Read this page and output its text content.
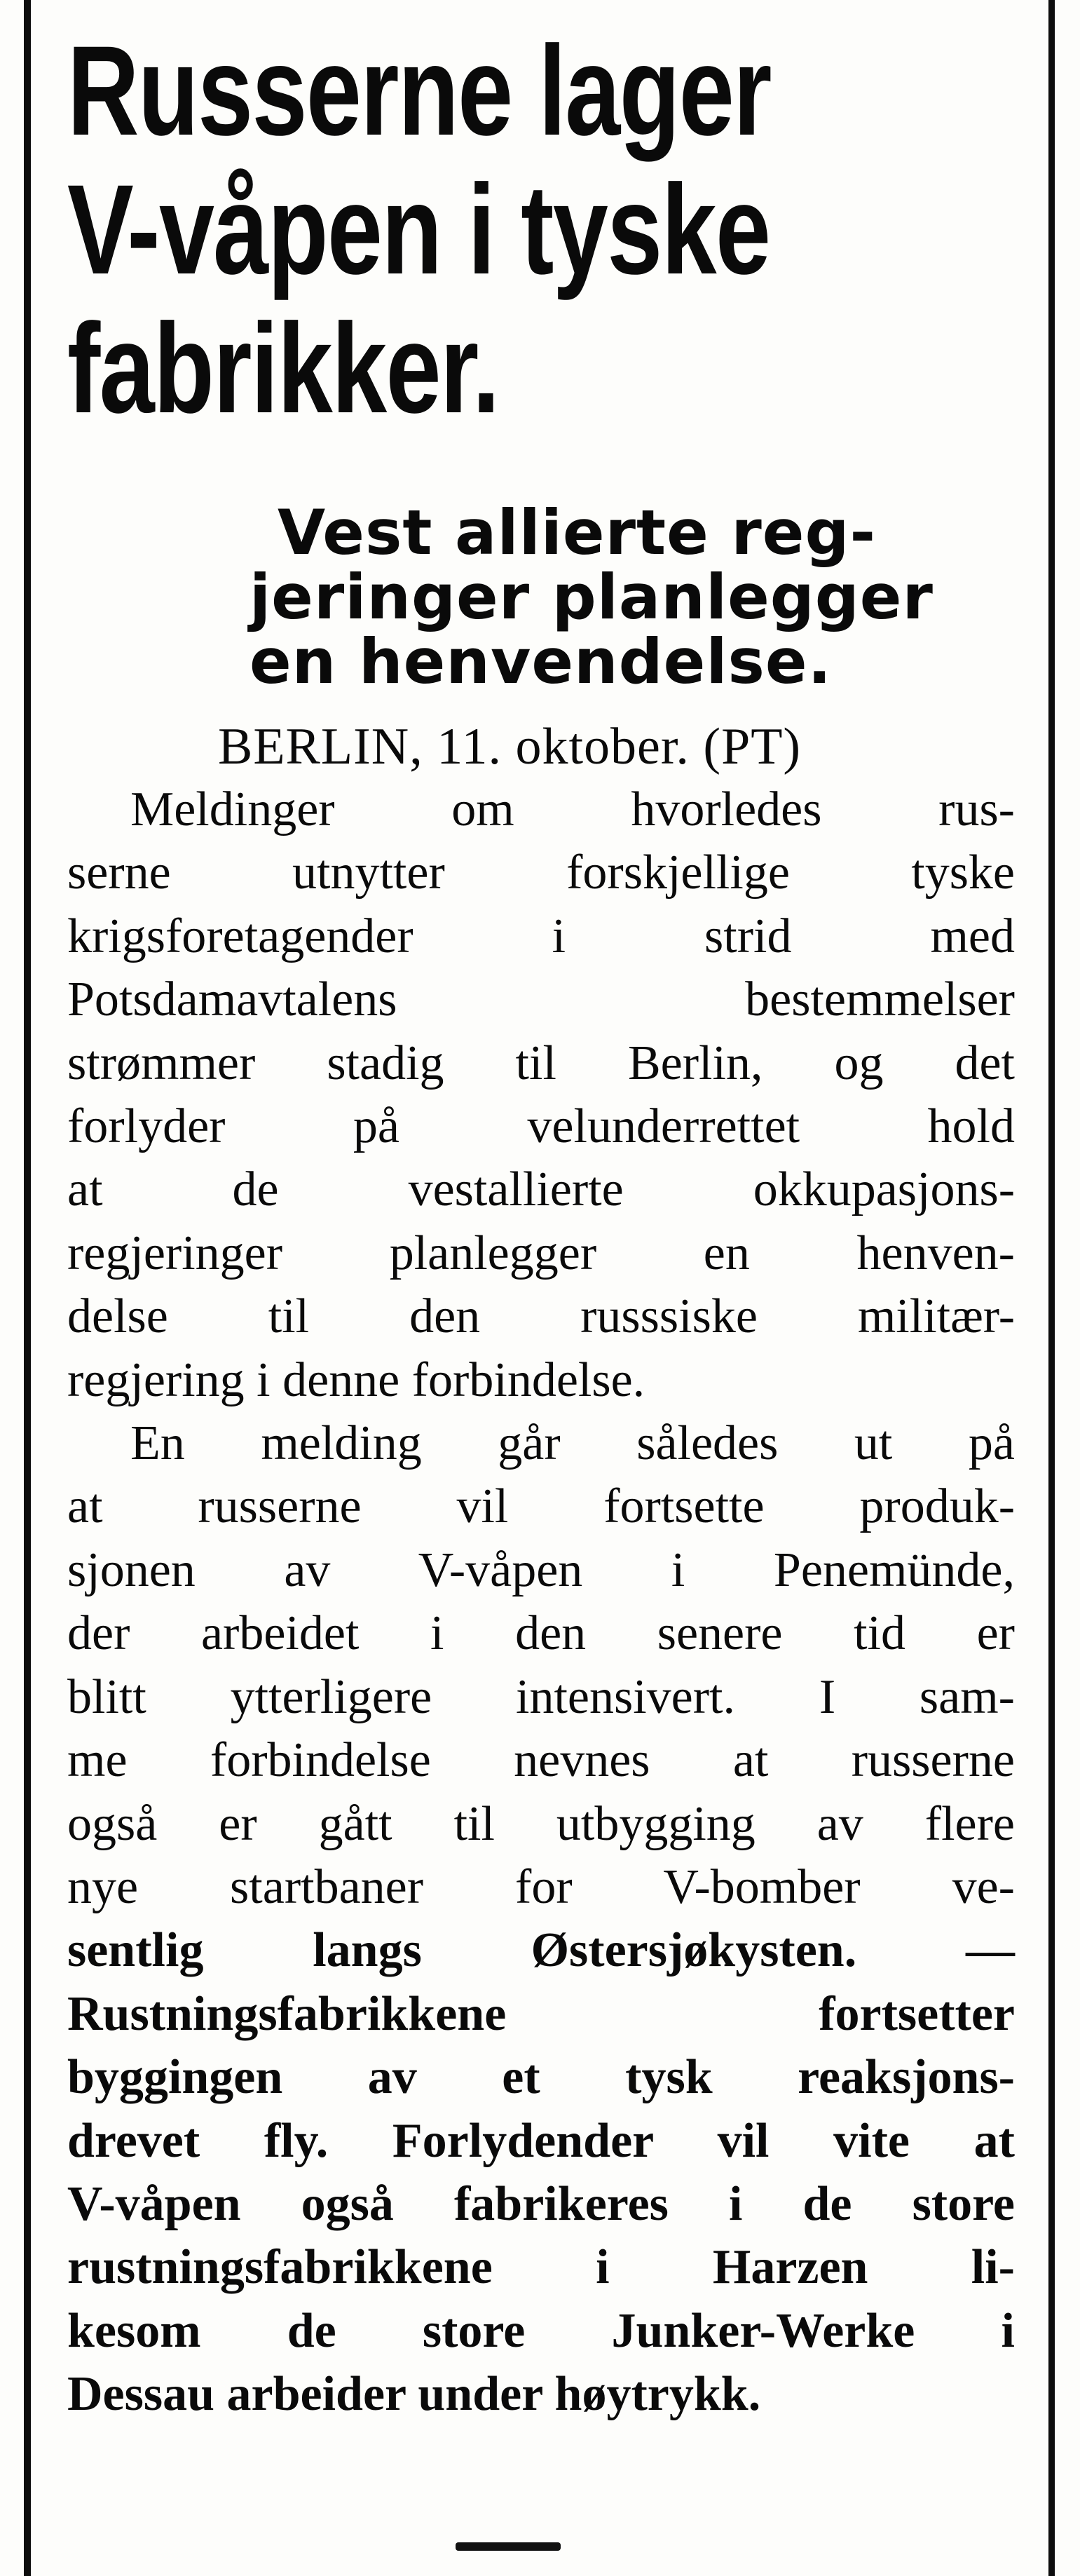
Russerne lager
V-våpen i tyske
fabrikker.
Vest allierte reg-
jeringer planlegger
en henvendelse.
BERLIN, 11. oktober. (PT)

Meldinger om hvorledes rus-
serne utnytter forskjellige tyske
krigsforetagender i strid med
Potsdamavtalens bestemmelser
strømmer stadig til Berlin, og det
forlyder på velunderrettet hold
at de vestallierte okkupasjons-
regjeringer planlegger en henven-
delse til den russsiske militær-
regjering i denne forbindelse.

En melding går således ut på
at russerne vil fortsette produk-
sjonen av V-våpen i Penemünde,
der arbeidet i den senere tid er
blitt ytterligere intensivert. I sam-
me forbindelse nevnes at russerne
også er gått til utbygging av flere
nye startbaner for V-bomber ve-
sentlig langs Østersjøkysten. —
Rustningsfabrikkene fortsetter
byggingen av et tysk reaksjons-
drevet fly. Forlydender vil vite at
V-våpen også fabrikeres i de store
rustningsfabrikkene i Harzen li-
kesom de store Junker-Werke i
Dessau arbeider under høytrykk.
